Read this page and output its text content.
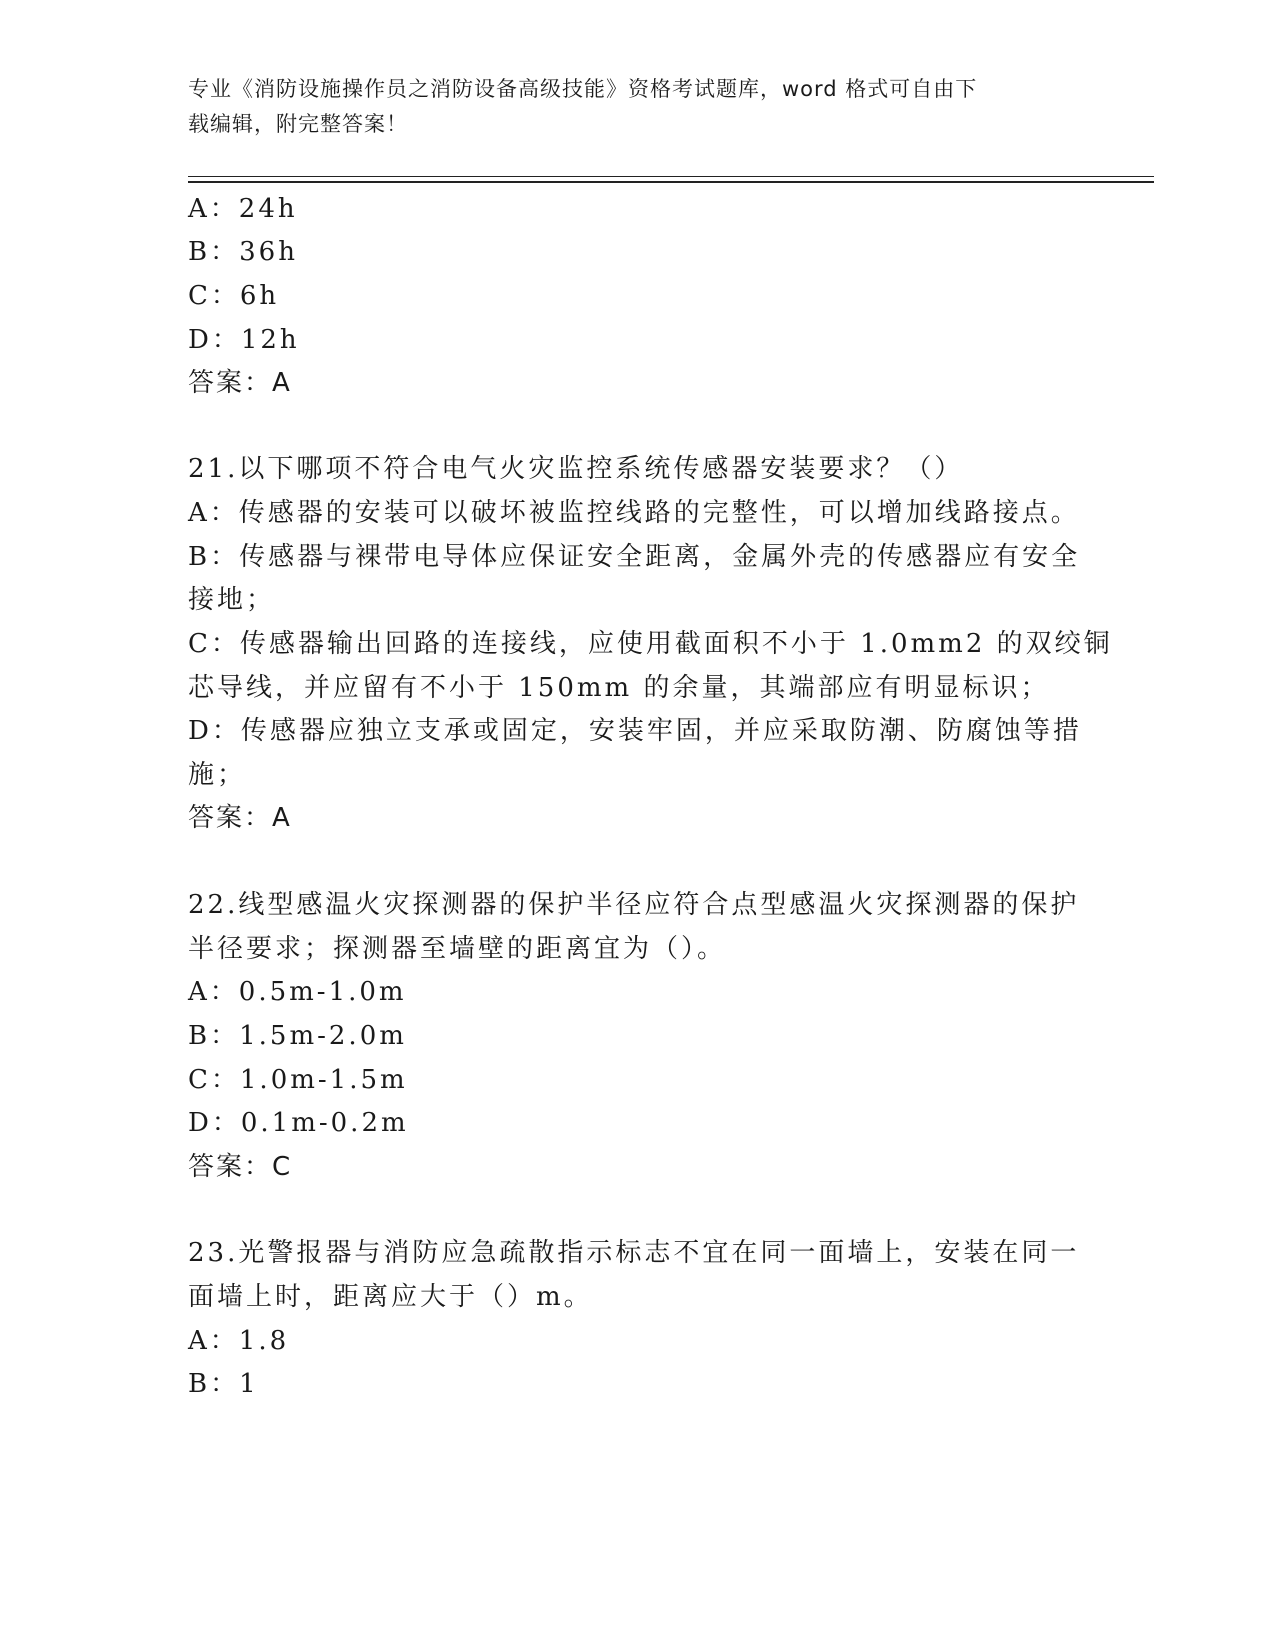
专业《消防设施操作员之消防设备高级技能》资格考试题库，word 格式可自由下
载编辑，附完整答案！
A：24h
B：36h
C：6h
D：12h
答案：A
21.以下哪项不符合电气火灾监控系统传感器安装要求？（）
A：传感器的安装可以破坏被监控线路的完整性，可以增加线路接点。
B：传感器与裸带电导体应保证安全距离，金属外壳的传感器应有安全
接地；
C：传感器输出回路的连接线，应使用截面积不小于 1.0mm2 的双绞铜
芯导线，并应留有不小于 150mm 的余量，其端部应有明显标识；
D：传感器应独立支承或固定，安装牢固，并应采取防潮、防腐蚀等措
施；
答案：A
22.线型感温火灾探测器的保护半径应符合点型感温火灾探测器的保护
半径要求；探测器至墙壁的距离宜为（）。
A：0.5m-1.0m
B：1.5m-2.0m
C：1.0m-1.5m
D：0.1m-0.2m
答案：C
23.光警报器与消防应急疏散指示标志不宜在同一面墙上，安装在同一
面墙上时，距离应大于（）m。
A：1.8
B：1
